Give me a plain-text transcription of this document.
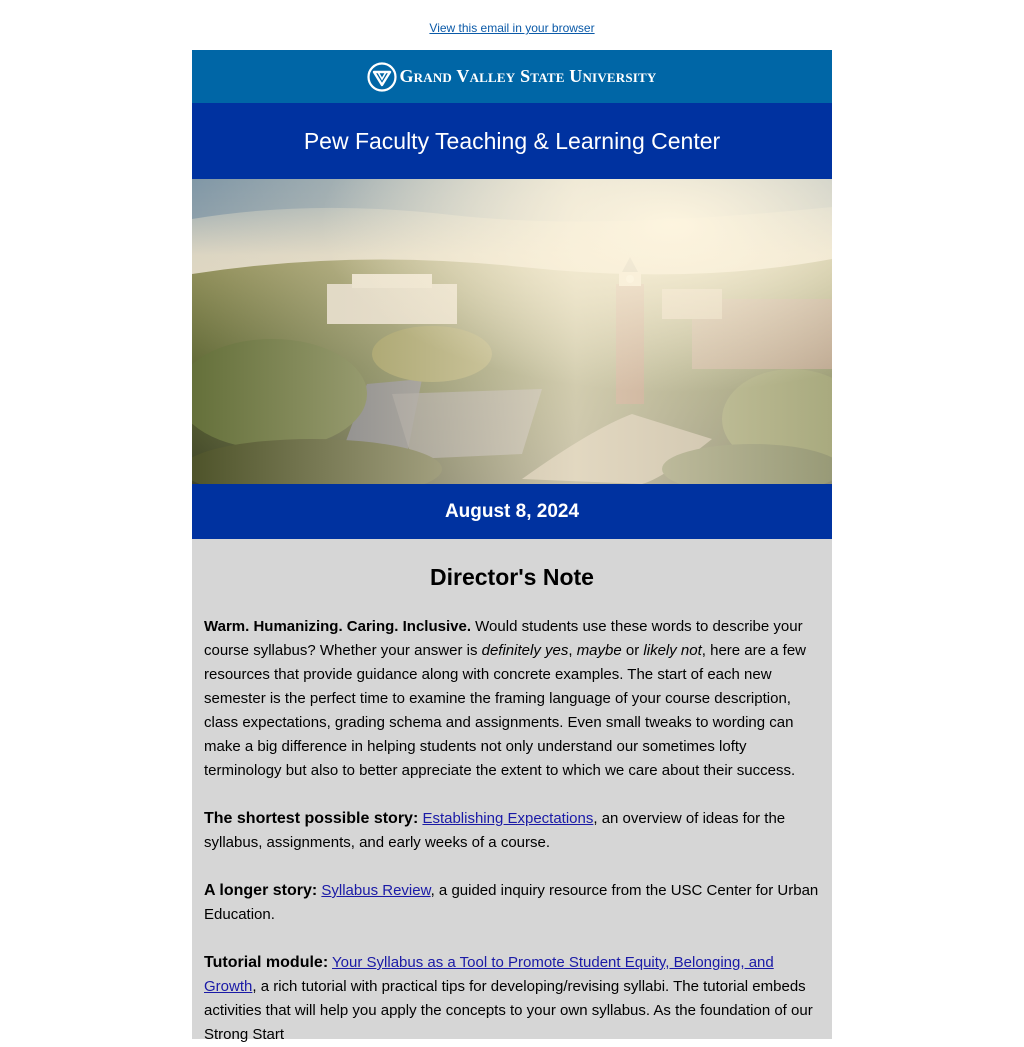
View this email in your browser
Grand Valley State University
Pew Faculty Teaching & Learning Center
August 8, 2024
Director's Note

Warm. Humanizing. Caring. Inclusive. Would students use these words to describe your course syllabus? Whether your answer is definitely yes, maybe or likely not, here are a few resources that provide guidance along with concrete examples. The start of each new semester is the perfect time to examine the framing language of your course description, class expectations, grading schema and assignments. Even small tweaks to wording can make a big difference in helping students not only understand our sometimes lofty terminology but also to better appreciate the extent to which we care about their success.

The shortest possible story: Establishing Expectations, an overview of ideas for the syllabus, assignments, and early weeks of a course.

A longer story: Syllabus Review, a guided inquiry resource from the USC Center for Urban Education.

Tutorial module: Your Syllabus as a Tool to Promote Student Equity, Belonging, and Growth, a rich tutorial with practical tips for developing/revising syllabi. The tutorial embeds activities that will help you apply the concepts to your own syllabus. As the foundation of our Strong Start
